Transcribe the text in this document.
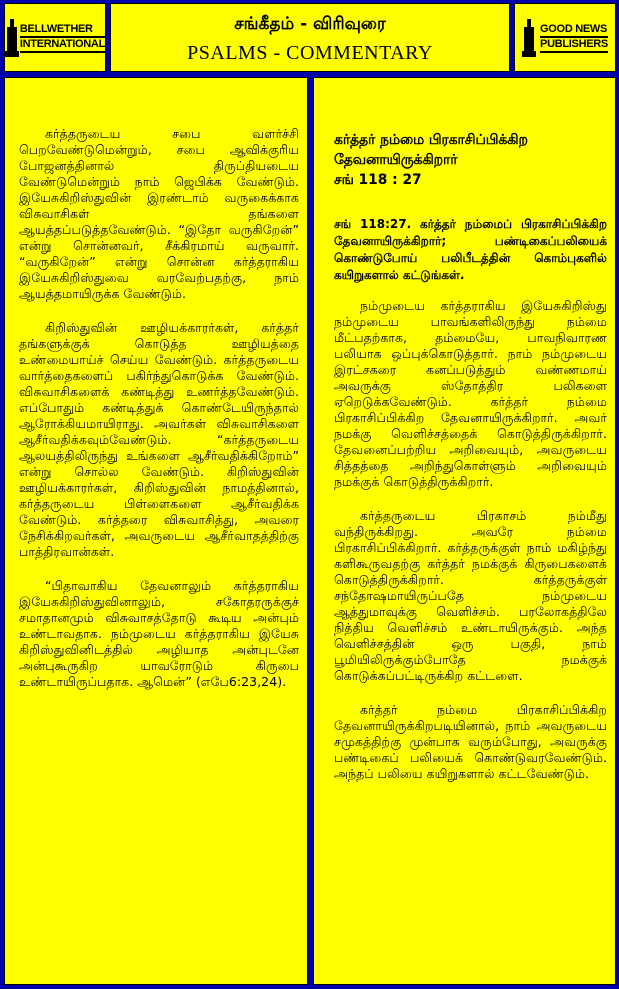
BELLWETHER
INTERNATIONAL
சங்கீதம் - விரிவுரை
PSALMS - COMMENTARY
GOOD NEWS
PUBLISHERS

கர்த்தருடைய சபை வளர்ச்சி பெறவேண்டுமென்றும், சபை ஆவிக்குரிய போஜனத்தினால் திருப்தியடைய வேண்டுமென்றும் நாம் ஜெபிக்க வேண்டும். இயேசுகிறிஸ்துவின் இரண்டாம் வருகைக்காக விசுவாசிகள் தங்களை ஆயத்தப்படுத்தவேண்டும். “இதோ வருகிறேன்” என்று சொன்னவர், சீக்கிரமாய் வருவார். “வருகிறேன்” என்று சொன்ன கர்த்தராகிய இயேசுகிறிஸ்துவை வரவேற்பதற்கு, நாம் ஆயத்தமாயிருக்க வேண்டும்.

கிறிஸ்துவின் ஊழியக்காரர்கள், கர்த்தர் தங்களுக்குக் கொடுத்த ஊழியத்தை உண்மையாய்ச் செய்ய வேண்டும். கர்த்தருடைய வார்த்தைகளைப் பகிர்ந்துகொடுக்க வேண்டும். விசுவாசிகளைக் கண்டித்து உணர்த்தவேண்டும். எப்போதும் கண்டித்துக் கொண்டேயிருந்தால் ஆரோக்கியமாயிராது. அவர்கள் விசுவாசிகளை ஆசீர்வதிக்கவும்வேண்டும். “கர்த்தருடைய ஆலயத்திலிருந்து உங்களை ஆசீர்வதிக்கிறோம்” என்று சொல்ல வேண்டும். கிறிஸ்துவின் ஊழியக்காரர்கள், கிறிஸ்துவின் நாமத்தினால், கர்த்தருடைய பிள்ளைகளை ஆசீர்வதிக்க வேண்டும். கர்த்தரை விசுவாசித்து, அவரை நேசிக்கிறவர்கள், அவருடைய ஆசீர்வாதத்திற்கு பாத்திரவான்கள்.

“பிதாவாகிய தேவனாலும் கர்த்தராகிய இயேசுகிறிஸ்துவினாலும், சகோதரருக்குச் சமாதானமும் விசுவாசத்தோடு கூடிய அன்பும் உண்டாவதாக. நம்முடைய கர்த்தராகிய இயேசு கிறிஸ்துவினிடத்தில் அழியாத அன்புடனே அன்புகூருகிற யாவரோடும் கிருபை உண்டாயிருப்பதாக. ஆமென்” (எபே6:23,24).

கர்த்தர் நம்மை பிரகாசிப்பிக்கிற
தேவனாயிருக்கிறார்
சங் 118 : 27

சங் 118:27. கர்த்தர் நம்மைப் பிரகாசிப்பிக்கிற தேவனாயிருக்கிறார்; பண்டிகைப்பலியைக் கொண்டுபோய் பலிபீடத்தின் கொம்புகளில் கயிறுகளால் கட்டுங்கள்.

நம்முடைய கர்த்தராகிய இயேசுகிறிஸ்து நம்முடைய பாவங்களிலிருந்து நம்மை மீட்பதற்காக, தம்மையே, பாவநிவாரண பலியாக ஒப்புக்கொடுத்தார். நாம் நம்முடைய இரட்சகரை கனப்படுத்தும் வண்ணமாய் அவருக்கு ஸ்தோத்திர பலிகளை ஏறெடுக்கவேண்டும். கர்த்தர் நம்மை பிரகாசிப்பிக்கிற தேவனாயிருக்கிறார். அவர் நமக்கு வெளிச்சத்தைக் கொடுத்திருக்கிறார். தேவனைப்பற்றிய அறிவையும், அவருடைய சித்தத்தை அறிந்துகொள்ளும் அறிவையும் நமக்குக் கொடுத்திருக்கிறார்.

கர்த்தருடைய பிரகாசம் நம்மீது வந்திருக்கிறது. அவரே நம்மை பிரகாசிப்பிக்கிறார். கர்த்தருக்குள் நாம் மகிழ்ந்து களிகூருவதற்கு கர்த்தர் நமக்குக் கிருபைகளைக் கொடுத்திருக்கிறார். கர்த்தருக்குள் சந்தோஷமாயிருப்பதே நம்முடைய ஆத்துமாவுக்கு வெளிச்சம். பரலோகத்திலே நித்திய வெளிச்சம் உண்டாயிருக்கும். அந்த வெளிச்சத்தின் ஒரு பகுதி, நாம் பூமியிலிருக்கும்போதே நமக்குக் கொடுக்கப்பட்டிருக்கிற கட்டளை.

கர்த்தர் நம்மை பிரகாசிப்பிக்கிற தேவனாயிருக்கிறபடியினால், நாம் அவருடைய சமுகத்திற்கு முன்பாக வரும்போது, அவருக்கு பண்டிகைப் பலியைக் கொண்டுவரவேண்டும். அந்தப் பலியை கயிறுகளால் கட்டவேண்டும்.
